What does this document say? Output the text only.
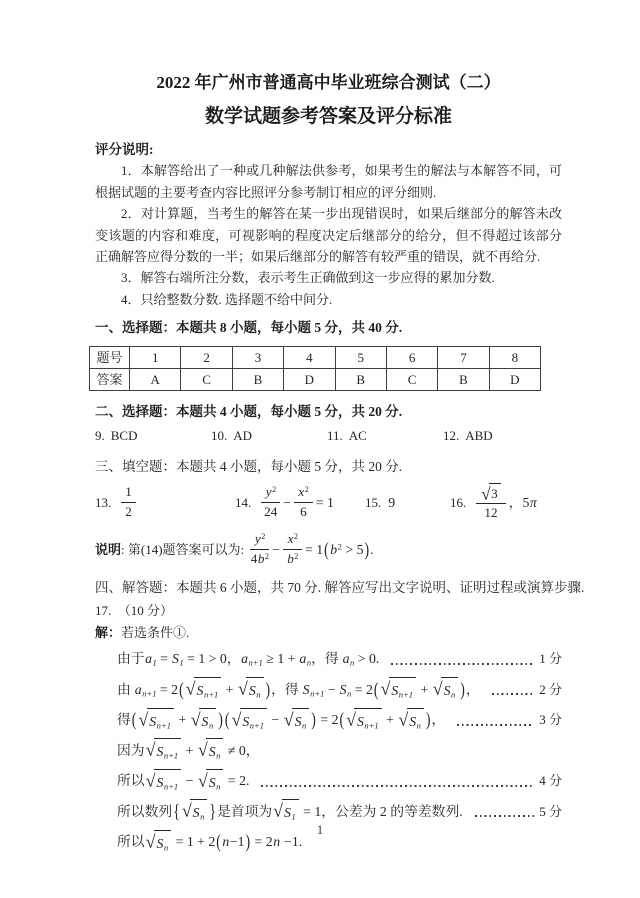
2022 年广州市普通高中毕业班综合测试（二）
数学试题参考答案及评分标准

评分说明:

1．本解答给出了一种或几种解法供参考，如果考生的解法与本解答不同，可根据试题的主要考查内容比照评分参考制订相应的评分细则.

2．对计算题，当考生的解答在某一步出现错误时，如果后继部分的解答未改变该题的内容和难度，可视影响的程度决定后继部分的给分，但不得超过该部分正确解答应得分数的一半；如果后继部分的解答有较严重的错误，就不再给分.

3．解答右端所注分数，表示考生正确做到这一步应得的累加分数.

4．只给整数分数. 选择题不给中间分.

一、选择题：本题共 8 小题，每小题 5 分，共 40 分.

题号	1	2	3	4	5	6	7	8
答案	A	C	B	D	B	C	B	D

二、选择题：本题共 4 小题，每小题 5 分，共 20 分.

9. BCD	10. AD	11. AC	12. ABD

三、填空题：本题共 4 小题，每小题 5 分，共 20 分.

13. $\frac{1}{2}$	14. $\frac{y^2}{24} - \frac{x^2}{6} = 1$ 15. 9	16. $\frac{√ 3}{12}$ ，5 π
说明 : 第(14)题答案可以为: $\frac{y^2}{4 b^2} - \frac{x^2}{b^2} = 1$ ( $b^2 > 5$ ) .

四、解答题：本题共 6 小题，共 70 分. 解答应写出文字说明、证明过程或演算步骤.

17.　（10 分）

解：若选条件①.

由于 $a_1 = S_1 = 1 > 0$， $a_{n+1} \ge 1 + a_n$ ，得 $a_n > 0$.	1 分
由 $a_{n+1} = 2$ ( √ $S_{n+1}$ + √ $S_n$ ) ，得 $S_{n+1} - S_n = 2$ ( √ $S_{n+1}$ + √ $S_n$ ) ，	2 分
得 ( √ $S_{n+1}$ + √ $S_n$ ) ( √ $S_{n+1}$ − √ $S_n$ ) = 2 ( √ $S_{n+1}$ + √ $S_n$ ) ，	3 分
因为 √ $S_{n+1}$ + √ $S_n \ne 0$，
所以 √ $S_{n+1}$ − √ $S_n = 2$.	4 分
所以数列 { √ $S_n$ } 是首项为 √ $S_1 = 1$，公差为 2 的等差数列.	5 分
所以 √ $S_n = 1 + 2$ ( n −1 ) = 2 n −1.
1
